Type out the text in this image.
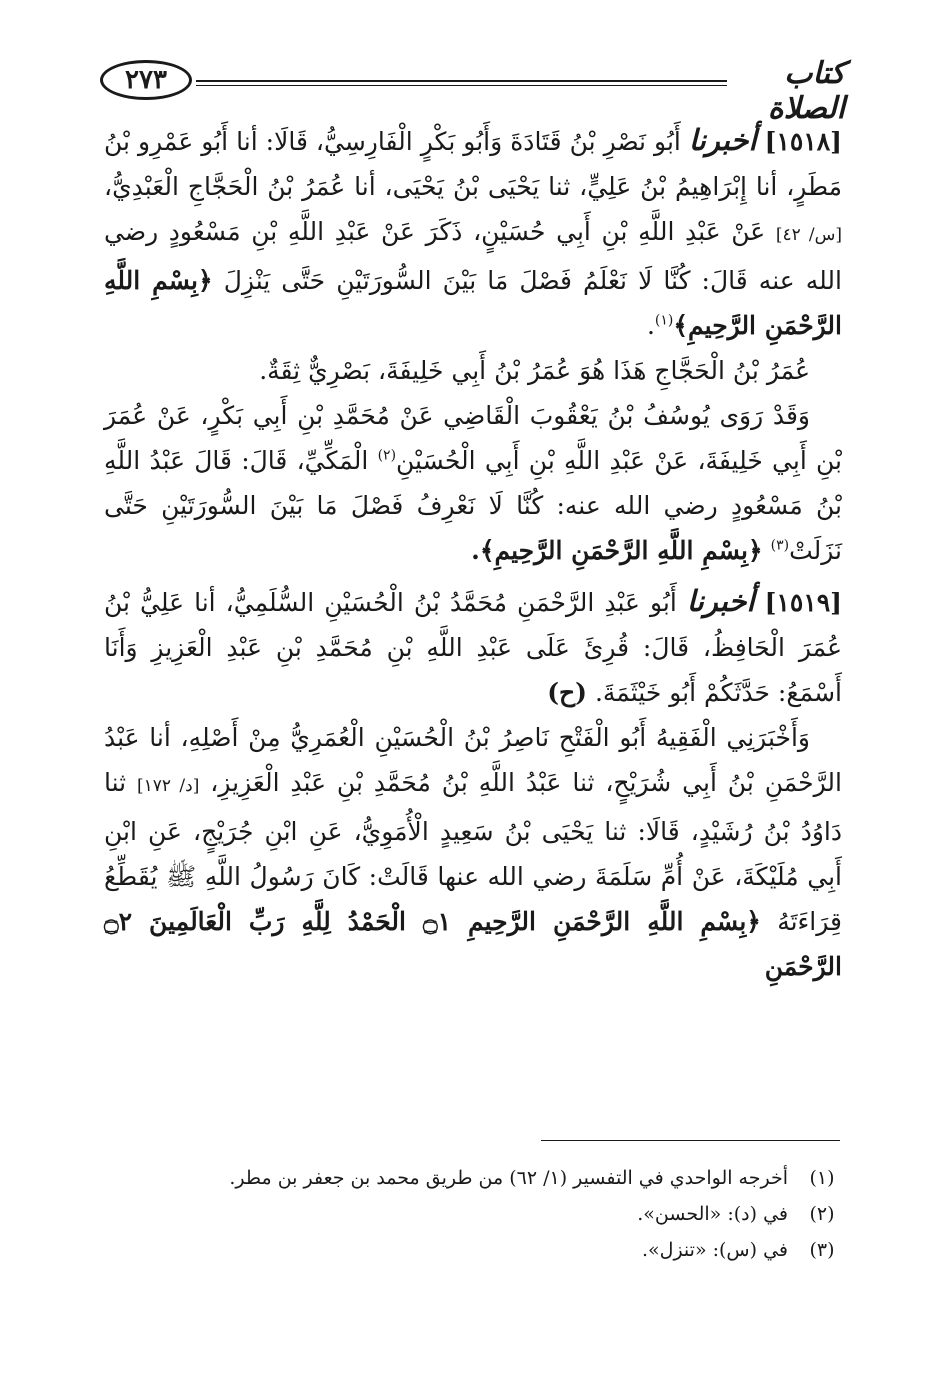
٢٧٣	كتاب الصلاة

[١٥١٨] أخبرنا أَبُو نَصْرِ بْنُ قَتَادَةَ وَأَبُو بَكْرٍ الْفَارِسِيُّ، قَالَا: أنا أَبُو عَمْرِو بْنُ مَطَرٍ، أنا إِبْرَاهِيمُ بْنُ عَلِيٍّ، ثنا يَحْيَى بْنُ يَحْيَى، أنا عُمَرُ بْنُ الْحَجَّاجِ الْعَبْدِيُّ، [س/ ٤٢] عَنْ عَبْدِ اللَّهِ بْنِ أَبِي حُسَيْنٍ، ذَكَرَ عَنْ عَبْدِ اللَّهِ بْنِ مَسْعُودٍ رضي الله عنه قَالَ: كُنَّا لَا نَعْلَمُ فَصْلَ مَا بَيْنَ السُّورَتَيْنِ حَتَّى يَنْزِلَ ﴿بِسْمِ اللَّهِ الرَّحْمَنِ الرَّحِيمِ﴾$^{(١)}$.

عُمَرُ بْنُ الْحَجَّاجِ هَذَا هُوَ عُمَرُ بْنُ أَبِي خَلِيفَةَ، بَصْرِيٌّ ثِقَةٌ.

وَقَدْ رَوَى يُوسُفُ بْنُ يَعْقُوبَ الْقَاضِي عَنْ مُحَمَّدِ بْنِ أَبِي بَكْرٍ، عَنْ عُمَرَ بْنِ أَبِي خَلِيفَةَ، عَنْ عَبْدِ اللَّهِ بْنِ أَبِي الْحُسَيْنِ$^{(٢)}$ الْمَكِّيِّ، قَالَ: قَالَ عَبْدُ اللَّهِ بْنُ مَسْعُودٍ رضي الله عنه: كُنَّا لَا نَعْرِفُ فَصْلَ مَا بَيْنَ السُّورَتَيْنِ حَتَّى نَزَلَتْ$^{(٣)}$ ﴿بِسْمِ اللَّهِ الرَّحْمَنِ الرَّحِيمِ﴾.

[١٥١٩] أخبرنا أَبُو عَبْدِ الرَّحْمَنِ مُحَمَّدُ بْنُ الْحُسَيْنِ السُّلَمِيُّ، أنا عَلِيُّ بْنُ عُمَرَ الْحَافِظُ، قَالَ: قُرِئَ عَلَى عَبْدِ اللَّهِ بْنِ مُحَمَّدِ بْنِ عَبْدِ الْعَزِيزِ وَأَنَا أَسْمَعُ: حَدَّثَكُمْ أَبُو خَيْثَمَةَ. (ح)

وَأَخْبَرَنِي الْفَقِيهُ أَبُو الْفَتْحِ نَاصِرُ بْنُ الْحُسَيْنِ الْعُمَرِيُّ مِنْ أَصْلِهِ، أنا عَبْدُ الرَّحْمَنِ بْنُ أَبِي شُرَيْحٍ، ثنا عَبْدُ اللَّهِ بْنُ مُحَمَّدِ بْنِ عَبْدِ الْعَزِيزِ، [د/ ١٧٢] ثنا دَاوُدُ بْنُ رُشَيْدٍ، قَالَا: ثنا يَحْيَى بْنُ سَعِيدٍ الْأُمَوِيُّ، عَنِ ابْنِ جُرَيْجٍ، عَنِ ابْنِ أَبِي مُلَيْكَةَ، عَنْ أُمِّ سَلَمَةَ رضي الله عنها قَالَتْ: كَانَ رَسُولُ اللَّهِ ﷺ يُقَطِّعُ قِرَاءَتَهُ ﴿بِسْمِ اللَّهِ الرَّحْمَنِ الرَّحِيمِ ۝١ الْحَمْدُ لِلَّهِ رَبِّ الْعَالَمِينَ ۝٢ الرَّحْمَنِ

(١)
أخرجه الواحدي في التفسير (١/ ٦٢) من طريق محمد بن جعفر بن مطر.
(٢)
في (د): «الحسن».
(٣)
في (س): «تنزل».
